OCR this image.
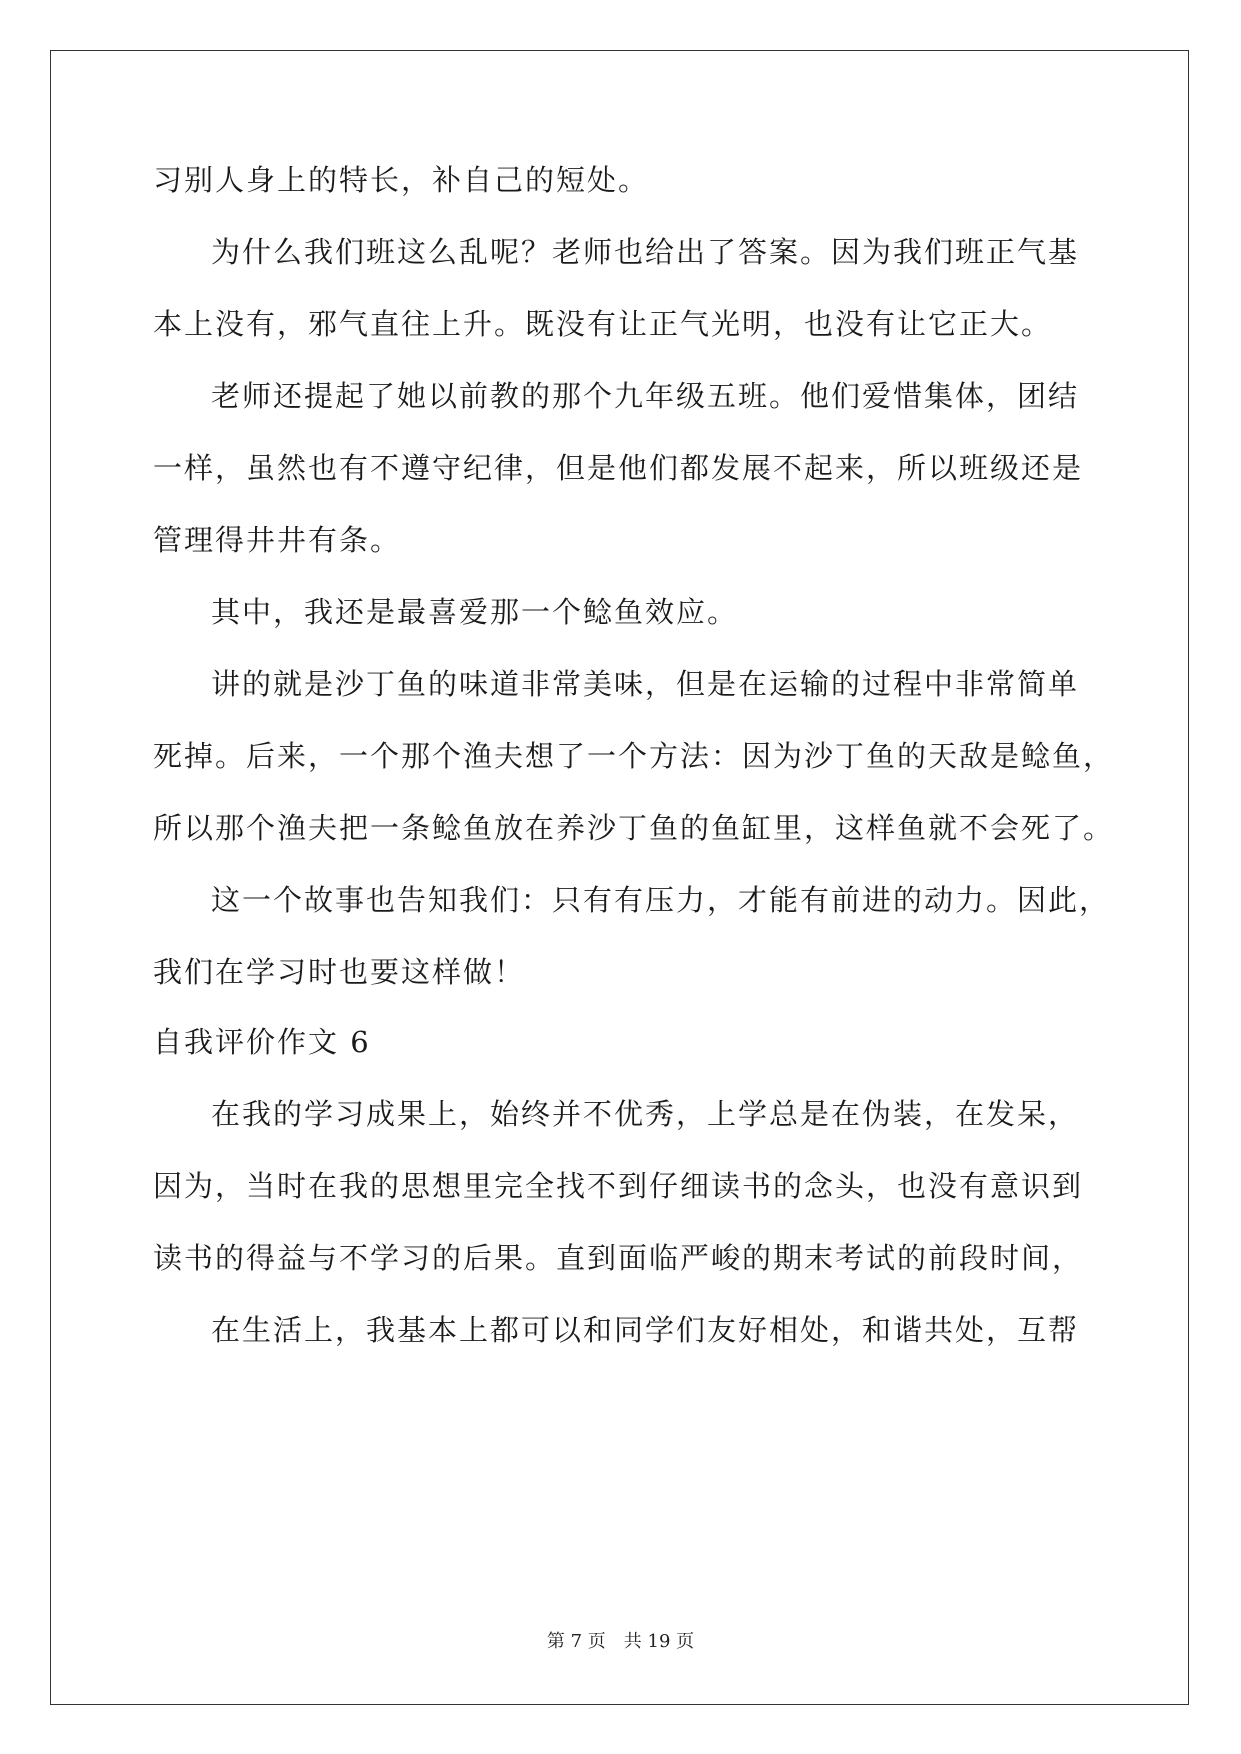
习别人身上的特长，补自己的短处。
为什么我们班这么乱呢？老师也给出了答案。因为我们班正气基
本上没有，邪气直往上升。既没有让正气光明，也没有让它正大。
老师还提起了她以前教的那个九年级五班。他们爱惜集体，团结
一样，虽然也有不遵守纪律，但是他们都发展不起来，所以班级还是
管理得井井有条。
其中，我还是最喜爱那一个鲶鱼效应。
讲的就是沙丁鱼的味道非常美味，但是在运输的过程中非常简单
死掉。后来，一个那个渔夫想了一个方法：因为沙丁鱼的天敌是鲶鱼，
所以那个渔夫把一条鲶鱼放在养沙丁鱼的鱼缸里，这样鱼就不会死了。
这一个故事也告知我们：只有有压力，才能有前进的动力。因此，
我们在学习时也要这样做！
自我评价作文 6
在我的学习成果上，始终并不优秀，上学总是在伪装，在发呆，
因为，当时在我的思想里完全找不到仔细读书的念头，也没有意识到
读书的得益与不学习的后果。直到面临严峻的期末考试的前段时间，
在生活上，我基本上都可以和同学们友好相处，和谐共处，互帮
第 7 页　共 19 页
